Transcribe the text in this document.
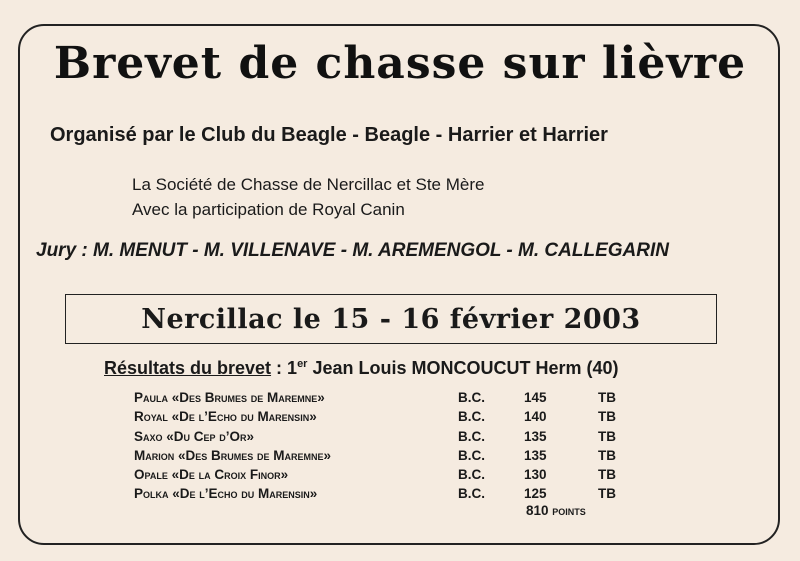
Brevet de chasse sur lièvre
Organisé par le Club du Beagle - Beagle - Harrier et Harrier
La Société de Chasse de Nercillac et Ste Mère
Avec la participation de Royal Canin
Jury : M. MENUT - M. VILLENAVE - M. AREMENGOL - M. CALLEGARIN
Nercillac le 15 - 16 février 2003
Résultats du brevet : 1er Jean Louis MONCOUCUT Herm (40)
Paula «Des Brumes de Maremne»	B.C.	145	TB
Royal «De l’Echo du Marensin»	B.C.	140	TB
Saxo «Du Cep d’Or»	B.C.	135	TB
Marion «Des Brumes de Maremne»	B.C.	135	TB
Opale «De la Croix Finor»	B.C.	130	TB
Polka «De l’Echo du Marensin»	B.C.	125	TB
810 points
